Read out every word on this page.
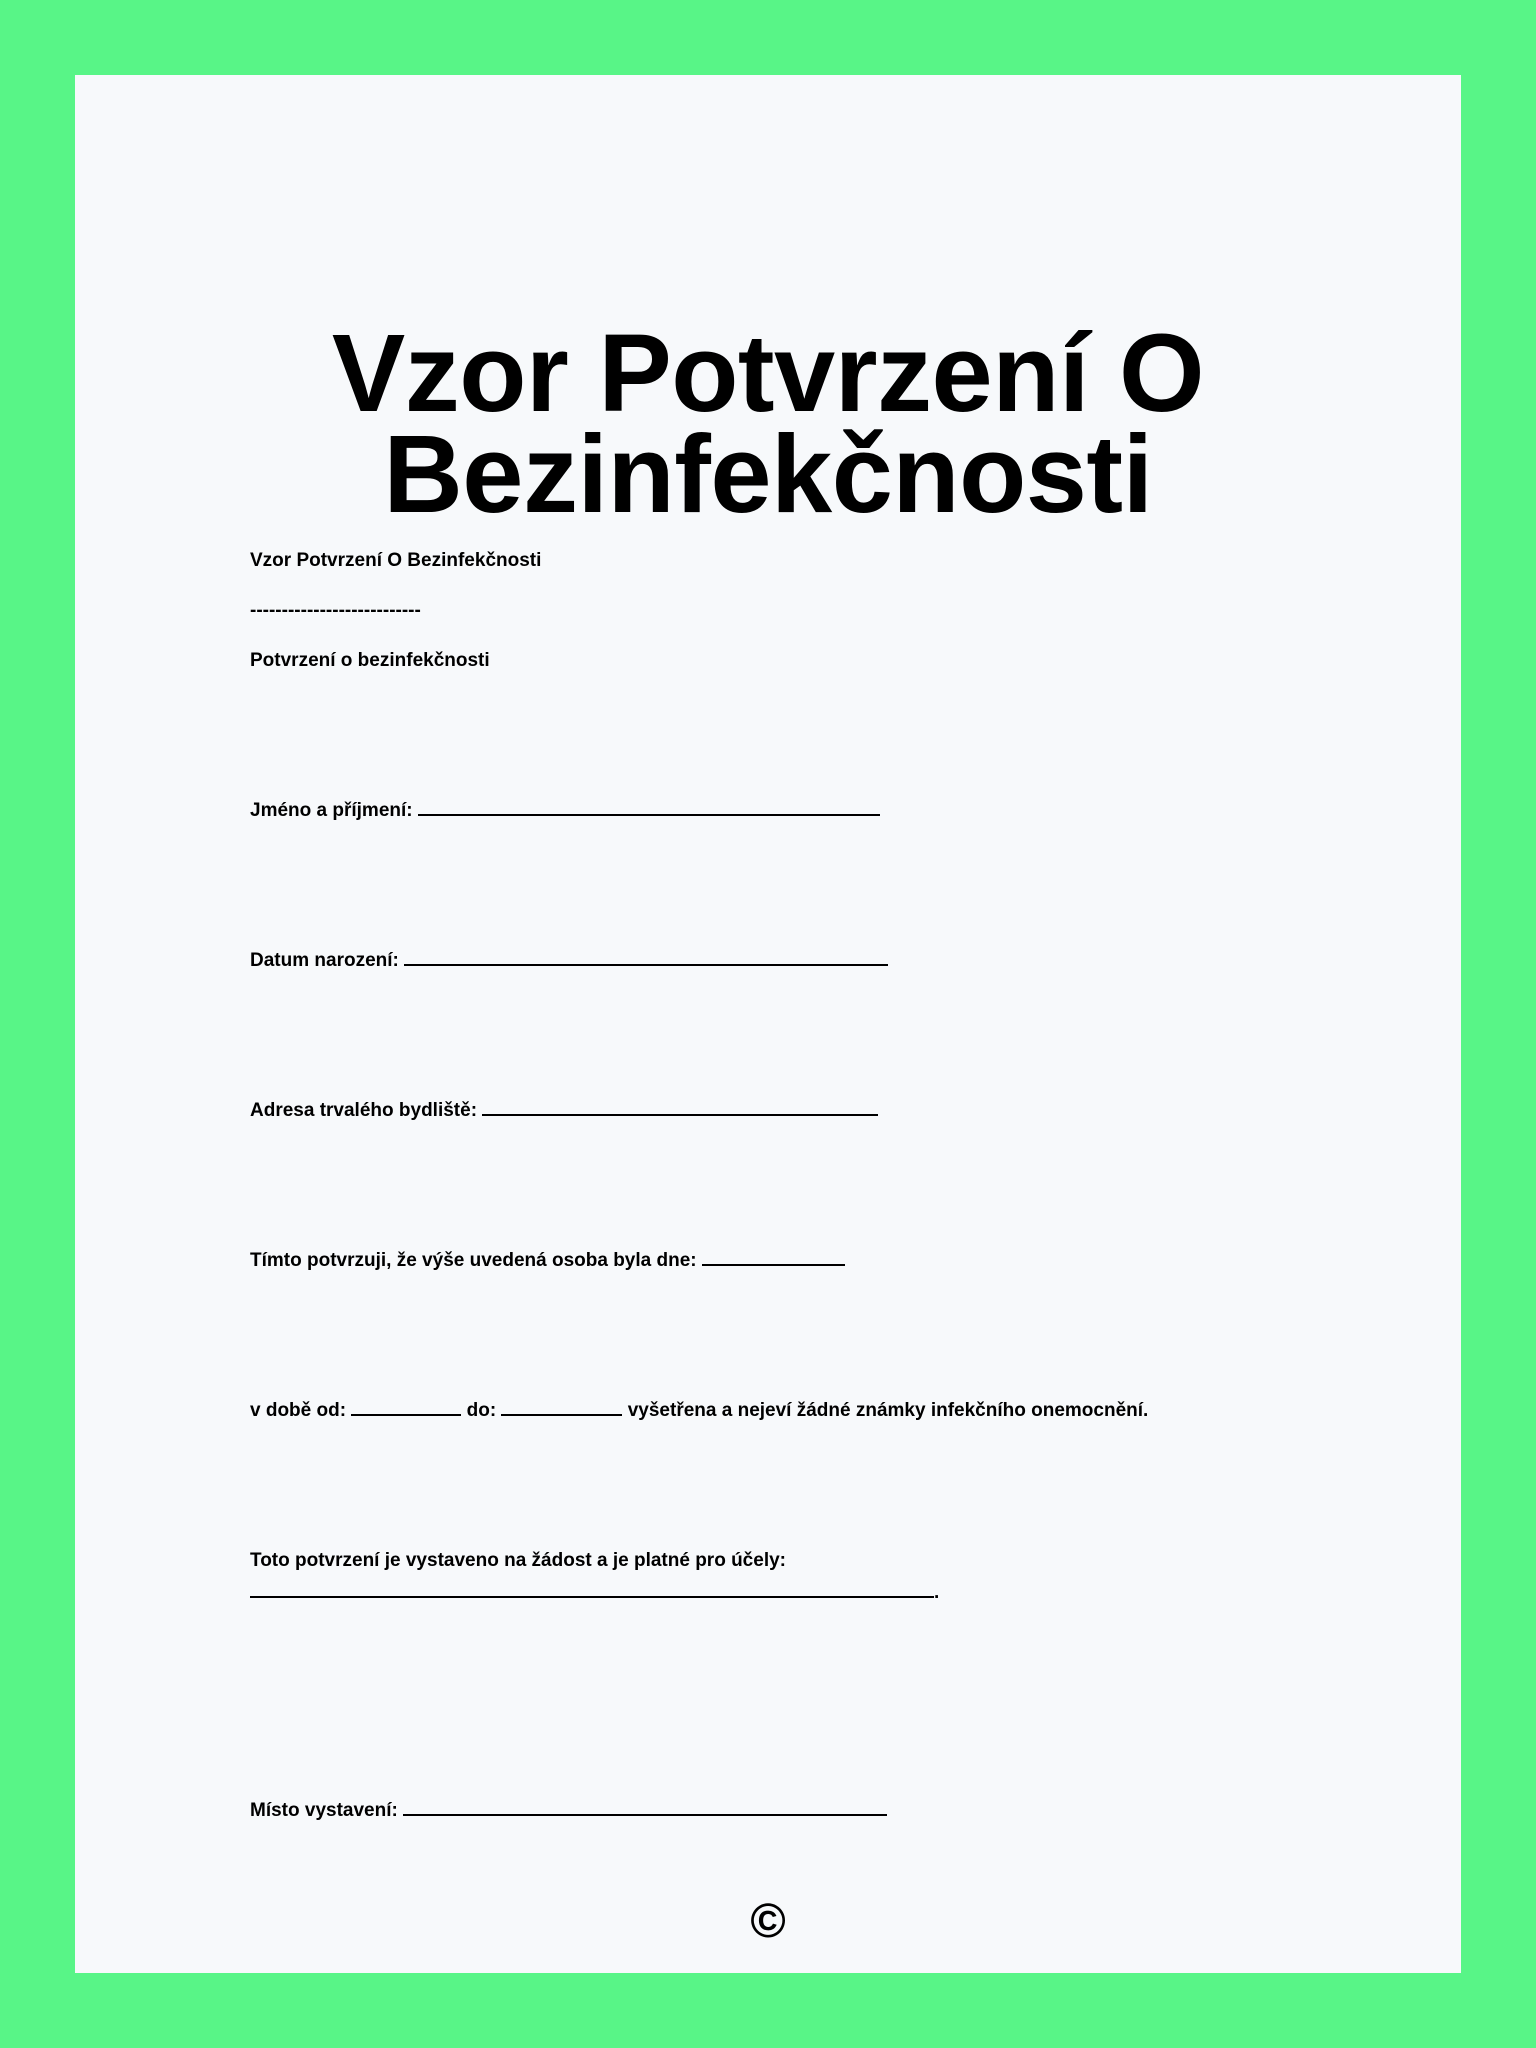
Vzor Potvrzení O Bezinfekčnosti

Vzor Potvrzení O Bezinfekčnosti

---------------------------

Potvrzení o bezinfekčnosti

Jméno a příjmení:

Datum narození:

Adresa trvalého bydliště:

Tímto potvrzuji, že výše uvedená osoba byla dne:

v době od:	do:	vyšetřena a nejeví žádné známky infekčního onemocnění.

Toto potvrzení je vystaveno na žádost a je platné pro účely:

.

Místo vystavení:

©
